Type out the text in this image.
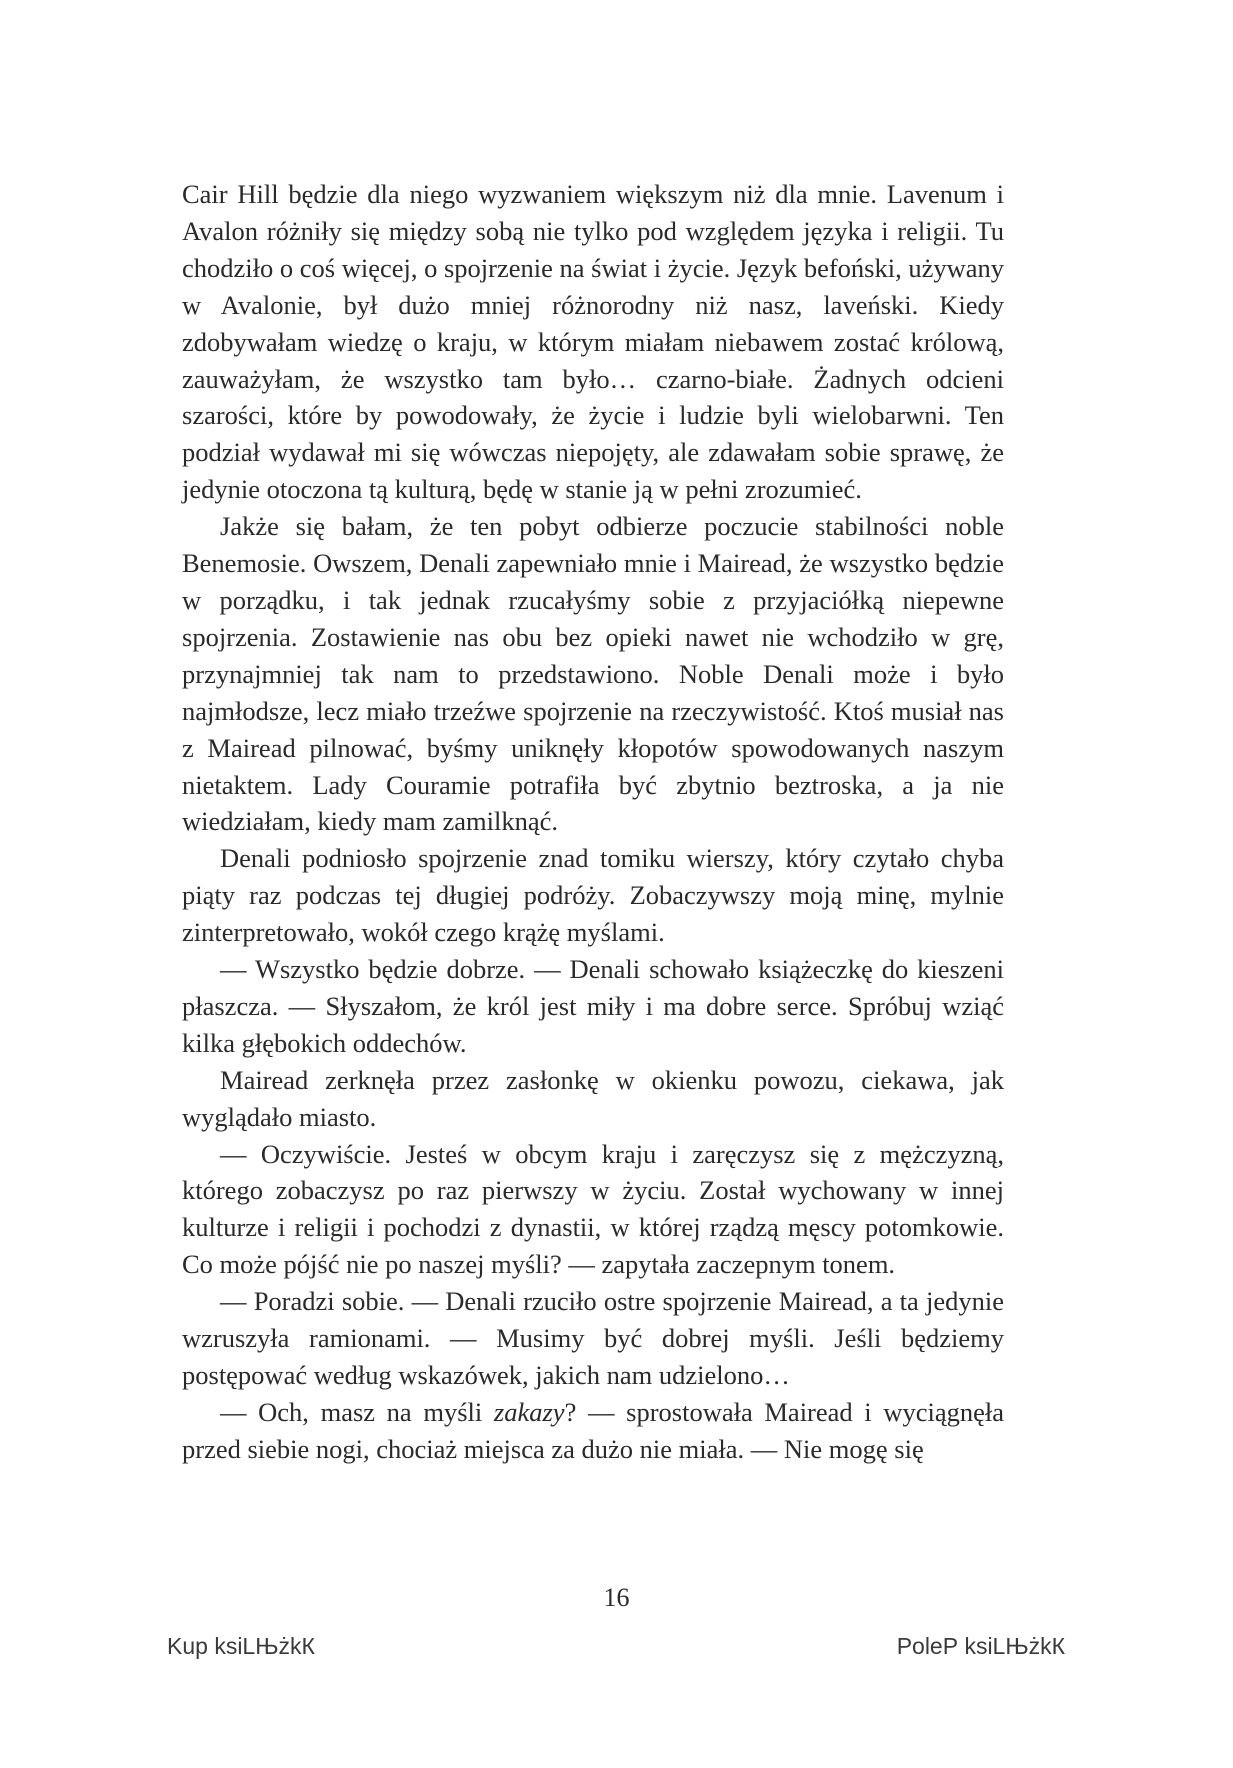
Cair Hill będzie dla niego wyzwaniem większym niż dla mnie. Lavenum i Avalon różniły się między sobą nie tylko pod względem języka i religii. Tu chodziło o coś więcej, o spojrzenie na świat i życie. Język befoński, używany w Avalonie, był dużo mniej różnorodny niż nasz, laveński. Kiedy zdobywałam wiedzę o kraju, w którym miałam niebawem zostać królową, zauważyłam, że wszystko tam było… czarno-białe. Żadnych odcieni szarości, które by powodowały, że życie i ludzie byli wielobarwni. Ten podział wydawał mi się wówczas niepojęty, ale zdawałam sobie sprawę, że jedynie otoczona tą kulturą, będę w stanie ją w pełni zrozumieć.

Jakże się bałam, że ten pobyt odbierze poczucie stabilności noble Benemosie. Owszem, Denali zapewniało mnie i Mairead, że wszystko będzie w porządku, i tak jednak rzucałyśmy sobie z przyjaciółką niepewne spojrzenia. Zostawienie nas obu bez opieki nawet nie wchodziło w grę, przynajmniej tak nam to przedstawiono. Noble Denali może i było najmłodsze, lecz miało trzeźwe spojrzenie na rzeczywistość. Ktoś musiał nas z Mairead pilnować, byśmy uniknęły kłopotów spowodowanych naszym nietaktem. Lady Couramie potrafiła być zbytnio beztroska, a ja nie wiedziałam, kiedy mam zamilknąć.

Denali podniosło spojrzenie znad tomiku wierszy, który czytało chyba piąty raz podczas tej długiej podróży. Zobaczywszy moją minę, mylnie zinterpretowało, wokół czego krążę myślami.

— Wszystko będzie dobrze. — Denali schowało książeczkę do kieszeni płaszcza. — Słyszałom, że król jest miły i ma dobre serce. Spróbuj wziąć kilka głębokich oddechów.

Mairead zerknęła przez zasłonkę w okienku powozu, ciekawa, jak wyglądało miasto.

— Oczywiście. Jesteś w obcym kraju i zaręczysz się z mężczyzną, którego zobaczysz po raz pierwszy w życiu. Został wychowany w innej kulturze i religii i pochodzi z dynastii, w której rządzą męscy potomkowie. Co może pójść nie po naszej myśli? — zapytała zaczepnym tonem.

— Poradzi sobie. — Denali rzuciło ostre spojrzenie Mairead, a ta jedynie wzruszyła ramionami. — Musimy być dobrej myśli. Jeśli będziemy postępować według wskazówek, jakich nam udzielono…

— Och, masz na myśli zakazy? — sprostowała Mairead i wyciągnęła przed siebie nogi, chociaż miejsca za dużo nie miała. — Nie mogę się

16
Kup ksiLЊżkК	PoleР ksiLЊżkК
